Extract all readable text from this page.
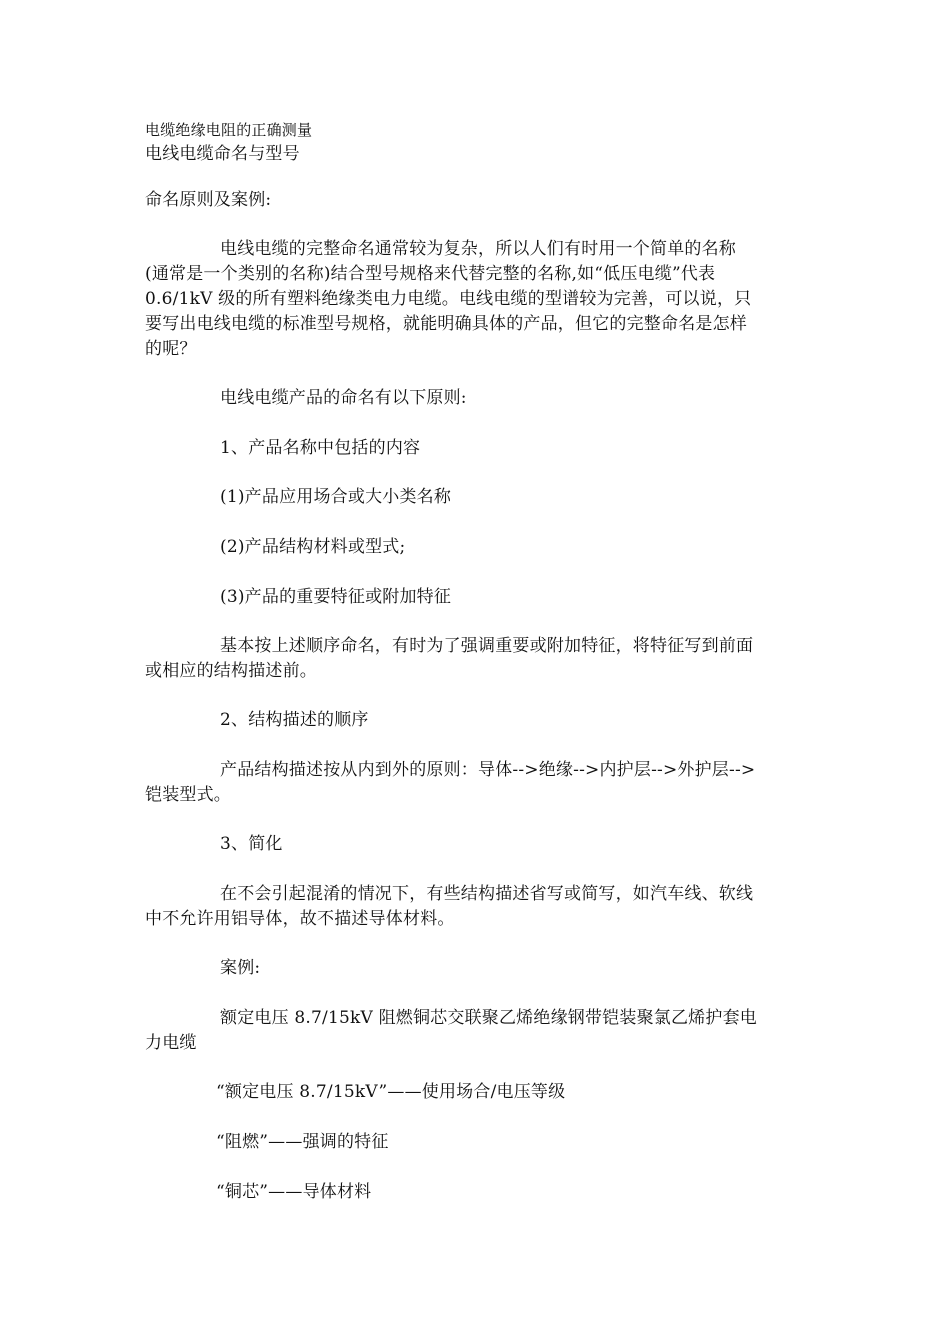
电缆绝缘电阻的正确测量
电线电缆命名与型号
命名原则及案例:
电线电缆的完整命名通常较为复杂，所以人们有时用一个简单的名称
(通常是一个类别的名称)结合型号规格来代替完整的名称,如“低压电缆”代表
0.6/1kV 级的所有塑料绝缘类电力电缆。电线电缆的型谱较为完善，可以说，只
要写出电线电缆的标准型号规格，就能明确具体的产品，但它的完整命名是怎样
的呢？
电线电缆产品的命名有以下原则:
1、产品名称中包括的内容
(1)产品应用场合或大小类名称
(2)产品结构材料或型式;
(3)产品的重要特征或附加特征
基本按上述顺序命名，有时为了强调重要或附加特征，将特征写到前面
或相应的结构描述前。
2、结构描述的顺序
产品结构描述按从内到外的原则：导体-->绝缘-->内护层-->外护层-->
铠装型式。
3、简化
在不会引起混淆的情况下，有些结构描述省写或简写，如汽车线、软线
中不允许用铝导体，故不描述导体材料。
案例:
额定电压 8.7/15kV 阻燃铜芯交联聚乙烯绝缘钢带铠装聚氯乙烯护套电
力电缆
“额定电压 8.7/15kV”——使用场合/电压等级
“阻燃”——强调的特征
“铜芯”——导体材料
